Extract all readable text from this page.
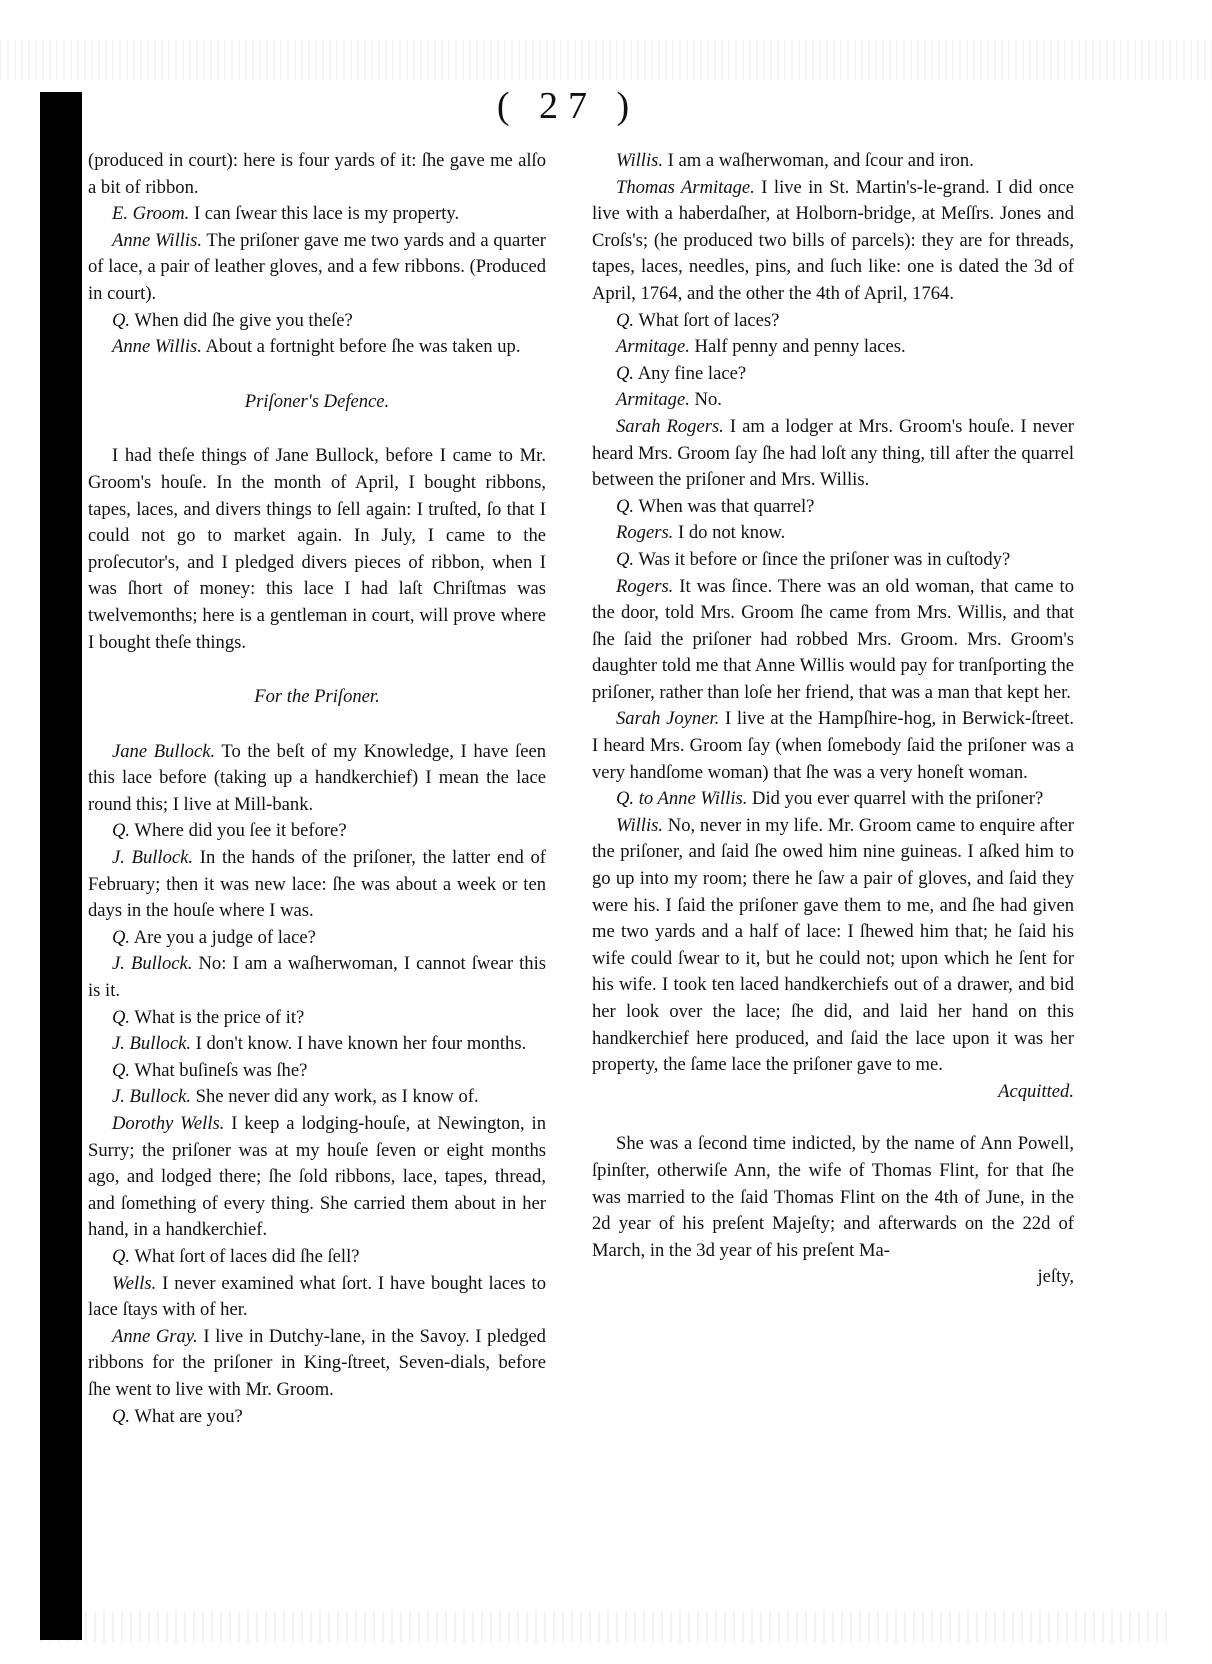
( 27 )

(produced in court): here is four yards of it: ſhe gave me alſo a bit of ribbon.

E. Groom. I can ſwear this lace is my property.

Anne Willis. The priſoner gave me two yards and a quarter of lace, a pair of leather gloves, and a few ribbons. (Produced in court).

Q. When did ſhe give you theſe?

Anne Willis. About a fortnight before ſhe was taken up.

Priſoner's Defence.

I had theſe things of Jane Bullock, before I came to Mr. Groom's houſe. In the month of April, I bought ribbons, tapes, laces, and divers things to ſell again: I truſted, ſo that I could not go to market again. In July, I came to the proſecutor's, and I pledged divers pieces of ribbon, when I was ſhort of money: this lace I had laſt Chriſtmas was twelvemonths; here is a gentleman in court, will prove where I bought theſe things.

For the Priſoner.

Jane Bullock. To the beſt of my Knowledge, I have ſeen this lace before (taking up a handkerchief) I mean the lace round this; I live at Mill-bank.

Q. Where did you ſee it before?

J. Bullock. In the hands of the priſoner, the latter end of February; then it was new lace: ſhe was about a week or ten days in the houſe where I was.

Q. Are you a judge of lace?

J. Bullock. No: I am a waſherwoman, I cannot ſwear this is it.

Q. What is the price of it?

J. Bullock. I don't know. I have known her four months.

Q. What buſineſs was ſhe?

J. Bullock. She never did any work, as I know of.

Dorothy Wells. I keep a lodging-houſe, at Newington, in Surry; the priſoner was at my houſe ſeven or eight months ago, and lodged there; ſhe ſold ribbons, lace, tapes, thread, and ſomething of every thing. She carried them about in her hand, in a handkerchief.

Q. What ſort of laces did ſhe ſell?

Wells. I never examined what ſort. I have bought laces to lace ſtays with of her.

Anne Gray. I live in Dutchy-lane, in the Savoy. I pledged ribbons for the priſoner in King-ſtreet, Seven-dials, before ſhe went to live with Mr. Groom.

Q. What are you?

Willis. I am a waſherwoman, and ſcour and iron.

Thomas Armitage. I live in St. Martin's-le-grand. I did once live with a haberdaſher, at Holborn-bridge, at Meſſrs. Jones and Croſs's; (he produced two bills of parcels): they are for threads, tapes, laces, needles, pins, and ſuch like: one is dated the 3d of April, 1764, and the other the 4th of April, 1764.

Q. What ſort of laces?

Armitage. Half penny and penny laces.

Q. Any fine lace?

Armitage. No.

Sarah Rogers. I am a lodger at Mrs. Groom's houſe. I never heard Mrs. Groom ſay ſhe had loſt any thing, till after the quarrel between the priſoner and Mrs. Willis.

Q. When was that quarrel?

Rogers. I do not know.

Q. Was it before or ſince the priſoner was in cuſtody?

Rogers. It was ſince. There was an old woman, that came to the door, told Mrs. Groom ſhe came from Mrs. Willis, and that ſhe ſaid the priſoner had robbed Mrs. Groom. Mrs. Groom's daughter told me that Anne Willis would pay for tranſporting the priſoner, rather than loſe her friend, that was a man that kept her.

Sarah Joyner. I live at the Hampſhire-hog, in Berwick-ſtreet. I heard Mrs. Groom ſay (when ſomebody ſaid the priſoner was a very handſome woman) that ſhe was a very honeſt woman.

Q. to Anne Willis. Did you ever quarrel with the priſoner?

Willis. No, never in my life. Mr. Groom came to enquire after the priſoner, and ſaid ſhe owed him nine guineas. I aſked him to go up into my room; there he ſaw a pair of gloves, and ſaid they were his. I ſaid the priſoner gave them to me, and ſhe had given me two yards and a half of lace: I ſhewed him that; he ſaid his wife could ſwear to it, but he could not; upon which he ſent for his wife. I took ten laced handkerchiefs out of a drawer, and bid her look over the lace; ſhe did, and laid her hand on this handkerchief here produced, and ſaid the lace upon it was her property, the ſame lace the priſoner gave to me.

Acquitted.

She was a ſecond time indicted, by the name of Ann Powell, ſpinſter, otherwiſe Ann, the wife of Thomas Flint, for that ſhe was married to the ſaid Thomas Flint on the 4th of June, in the 2d year of his preſent Majeſty; and afterwards on the 22d of March, in the 3d year of his preſent Ma-

jeſty,
